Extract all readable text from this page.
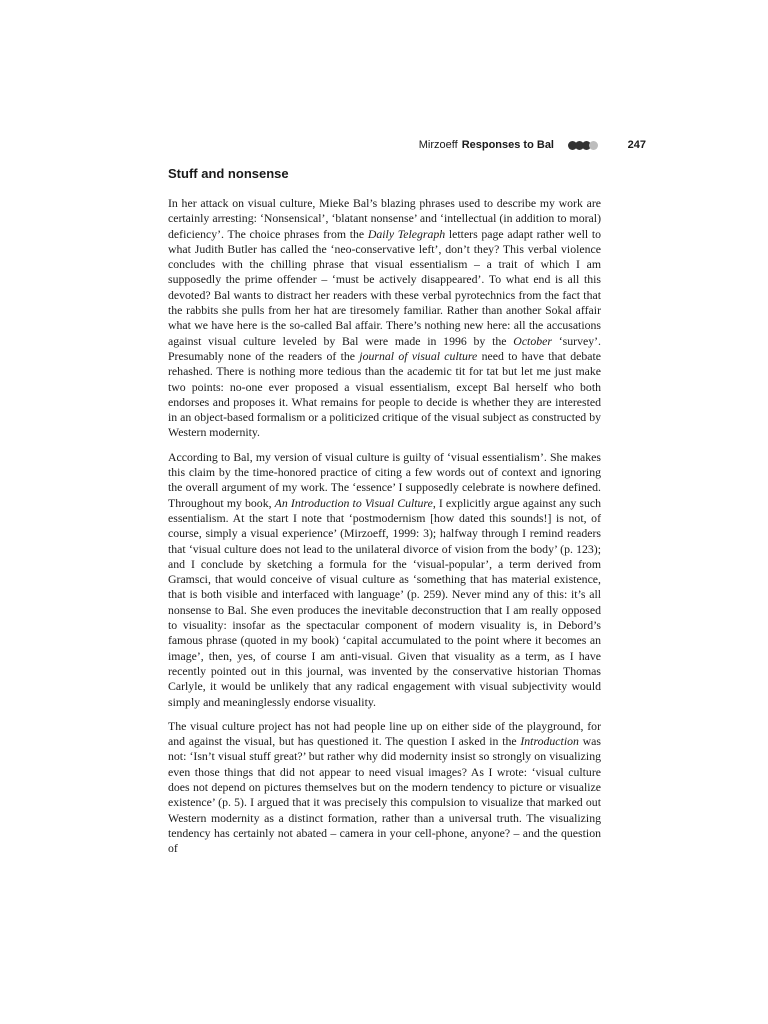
Mirzoeff Responses to Bal	247
Stuff and nonsense

In her attack on visual culture, Mieke Bal’s blazing phrases used to describe my work are certainly arresting: ‘Nonsensical’, ‘blatant nonsense’ and ‘intellectual (in addition to moral) deficiency’. The choice phrases from the Daily Telegraph letters page adapt rather well to what Judith Butler has called the ‘neo-conservative left’, don’t they? This verbal violence concludes with the chilling phrase that visual essentialism – a trait of which I am supposedly the prime offender – ‘must be actively disappeared’. To what end is all this devoted? Bal wants to distract her readers with these verbal pyrotechnics from the fact that the rabbits she pulls from her hat are tiresomely familiar. Rather than another Sokal affair what we have here is the so-called Bal affair. There’s nothing new here: all the accusations against visual culture leveled by Bal were made in 1996 by the October ‘survey’. Presumably none of the readers of the journal of visual culture need to have that debate rehashed. There is nothing more tedious than the academic tit for tat but let me just make two points: no-one ever proposed a visual essentialism, except Bal herself who both endorses and proposes it. What remains for people to decide is whether they are interested in an object-based formalism or a politicized critique of the visual subject as constructed by Western modernity.

According to Bal, my version of visual culture is guilty of ‘visual essentialism’. She makes this claim by the time-honored practice of citing a few words out of context and ignoring the overall argument of my work. The ‘essence’ I supposedly celebrate is nowhere defined. Throughout my book, An Introduction to Visual Culture, I explicitly argue against any such essentialism. At the start I note that ‘postmodernism [how dated this sounds!] is not, of course, simply a visual experience’ (Mirzoeff, 1999: 3); halfway through I remind readers that ‘visual culture does not lead to the unilateral divorce of vision from the body’ (p. 123); and I conclude by sketching a formula for the ‘visual-popular’, a term derived from Gramsci, that would conceive of visual culture as ‘something that has material existence, that is both visible and interfaced with language’ (p. 259). Never mind any of this: it’s all nonsense to Bal. She even produces the inevitable deconstruction that I am really opposed to visuality: insofar as the spectacular component of modern visuality is, in Debord’s famous phrase (quoted in my book) ‘capital accumulated to the point where it becomes an image’, then, yes, of course I am anti-visual. Given that visuality as a term, as I have recently pointed out in this journal, was invented by the conservative historian Thomas Carlyle, it would be unlikely that any radical engagement with visual subjectivity would simply and meaninglessly endorse visuality.

The visual culture project has not had people line up on either side of the playground, for and against the visual, but has questioned it. The question I asked in the Introduction was not: ‘Isn’t visual stuff great?’ but rather why did modernity insist so strongly on visualizing even those things that did not appear to need visual images? As I wrote: ‘visual culture does not depend on pictures themselves but on the modern tendency to picture or visualize existence’ (p. 5). I argued that it was precisely this compulsion to visualize that marked out Western modernity as a distinct formation, rather than a universal truth. The visualizing tendency has certainly not abated – camera in your cell-phone, anyone? – and the question of
